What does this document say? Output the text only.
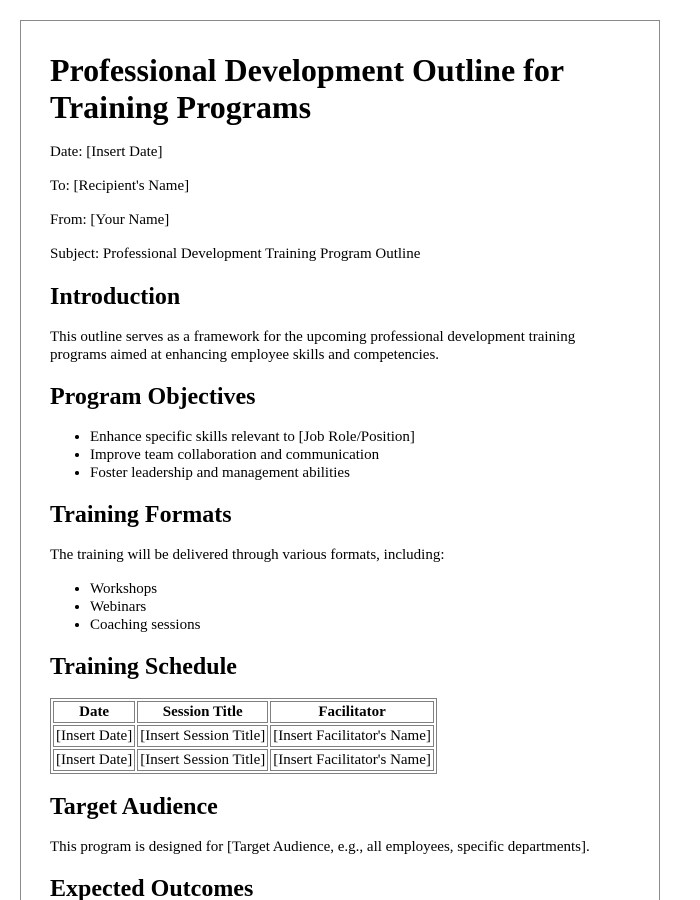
Professional Development Outline for Training Programs

Date: [Insert Date]

To: [Recipient's Name]

From: [Your Name]

Subject: Professional Development Training Program Outline

Introduction

This outline serves as a framework for the upcoming professional development training programs aimed at enhancing employee skills and competencies.

Program Objectives
• Enhance specific skills relevant to [Job Role/Position]
• Improve team collaboration and communication
• Foster leadership and management abilities
Training Formats

The training will be delivered through various formats, including:

• Workshops
• Webinars
• Coaching sessions
Training Schedule
Date	Session Title	Facilitator
[Insert Date]	[Insert Session Title]	[Insert Facilitator's Name]
[Insert Date]	[Insert Session Title]	[Insert Facilitator's Name]
Target Audience

This program is designed for [Target Audience, e.g., all employees, specific departments].

Expected Outcomes
